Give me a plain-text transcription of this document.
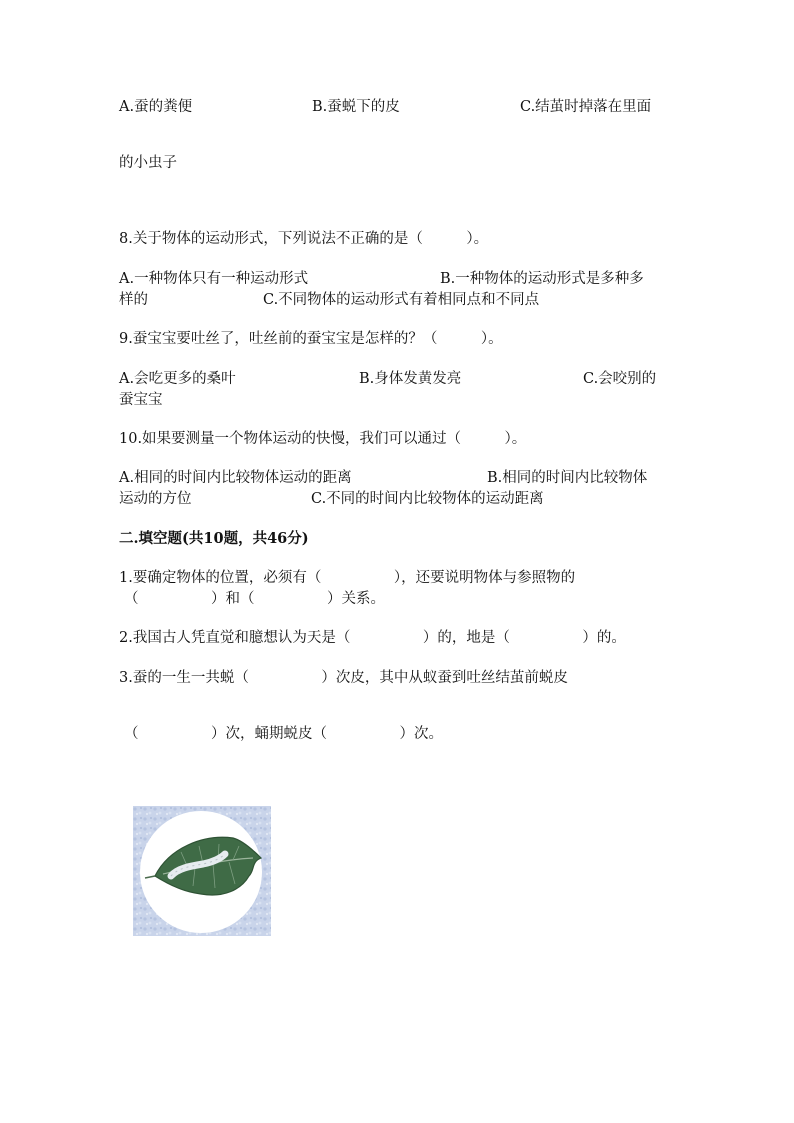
A.蚕的粪便	B.蚕蜕下的皮	C.结茧时掉落在里面
的小虫子
8.关于物体的运动形式，下列说法不正确的是（　　　）。
A.一种物体只有一种运动形式	B.一种物体的运动形式是多种多
样的	C.不同物体的运动形式有着相同点和不同点
9.蚕宝宝要吐丝了，吐丝前的蚕宝宝是怎样的？（　　　）。
A.会吃更多的桑叶	B.身体发黄发亮	C.会咬别的
蚕宝宝
10.如果要测量一个物体运动的快慢，我们可以通过（　　　）。
A.相同的时间内比较物体运动的距离	B.相同的时间内比较物体
运动的方位	C.不同的时间内比较物体的运动距离
二.填空题(共10题，共46分)
1.要确定物体的位置，必须有（　　　　　），还要说明物体与参照物的
（　　　　　）和（　　　　　）关系。
2.我国古人凭直觉和臆想认为天是（　　　　　）的，地是（　　　　　）的。
3.蚕的一生一共蜕（　　　　　）次皮，其中从蚁蚕到吐丝结茧前蜕皮
（　　　　　）次，蛹期蜕皮（　　　　　）次。
